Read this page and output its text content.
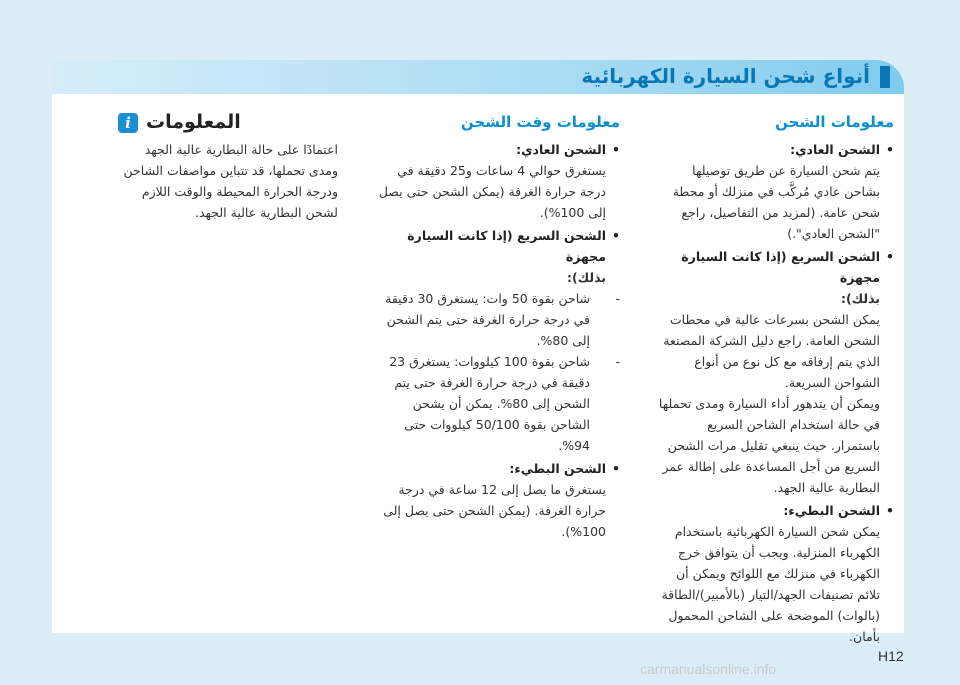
أنواع شحن السيارة الكهربائية
معلومات الشحن
• الشحن العادي:
يتم شحن السيارة عن طريق توصيلها بشاحن عادي مُركَّب في منزلك أو محطة شحن عامة. (لمزيد من التفاصيل، راجع "الشحن العادي".)
• الشحن السريع (إذا كانت السيارة مجهزة
بذلك):
يمكن الشحن بسرعات عالية في محطات الشحن العامة. راجع دليل الشركة المصنعة الذي يتم إرفاقه مع كل نوع من أنواع الشواحن السريعة.
ويمكن أن يتدهور أداء السيارة ومدى تحملها في حالة استخدام الشاحن السريع باستمرار. حيث ينبغي تقليل مرات الشحن السريع من أجل المساعدة على إطالة عمر البطارية عالية الجهد.
• الشحن البطيء:
يمكن شحن السيارة الكهربائية باستخدام الكهرباء المنزلية. ويجب أن يتوافق خرج الكهرباء في منزلك مع اللوائح ويمكن أن تلائم تصنيفات الجهد/التيار (بالأمبير)/الطاقة (بالوات) الموضحة على الشاحن المحمول بأمان.
معلومات وقت الشحن
• الشحن العادي:
يستغرق حوالي 4 ساعات و25 دقيقة في درجة حرارة الغرفة (يمكن الشحن حتى يصل إلى 100%).
• الشحن السريع (إذا كانت السيارة مجهزة
بذلك):
-
شاحن بقوة 50 وات: يستغرق 30 دقيقة في درجة حرارة الغرفة حتى يتم الشحن إلى 80%.
-
شاحن بقوة 100 كيلووات: يستغرق 23 دقيقة في درجة حرارة الغرفة حتى يتم الشحن إلى 80%. يمكن أن يشحن الشاحن بقوة 50/100 كيلووات حتى 94%.
• الشحن البطيء:
يستغرق ما يصل إلى 12 ساعة في درجة حرارة الغرفة. (يمكن الشحن حتى يصل إلى 100%).
i المعلومات
اعتمادًا على حالة البطارية عالية الجهد ومدى تحملها، قد تتباين مواصفات الشاحن ودرجة الحرارة المحيطة والوقت اللازم لشحن البطارية عالية الجهد.
H12
carmanualsonline.info
